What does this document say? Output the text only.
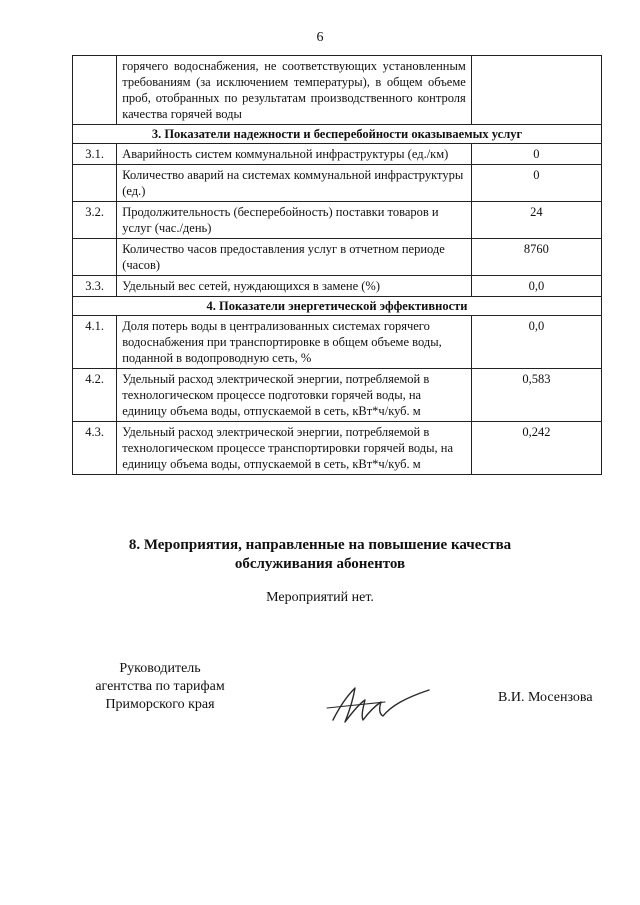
6
	горячего водоснабжения, не соответствующих установленным требованиям (за исключением температуры), в общем объеме проб, отобранных по результатам производственного контроля качества горячей воды	
3. Показатели надежности и бесперебойности оказываемых услуг		
3.1.	Аварийность систем коммунальной инфраструктуры (ед./км)	0
	Количество аварий на системах коммунальной инфраструктуры (ед.)	0
3.2.	Продолжительность (бесперебойность) поставки товаров и услуг (час./день)	24
	Количество часов предоставления услуг в отчетном периоде (часов)	8760
3.3.	Удельный вес сетей, нуждающихся в замене (%)	0,0
4. Показатели энергетической эффективности		
4.1.	Доля потерь воды в централизованных системах горячего водоснабжения при транспортировке в общем объеме воды, поданной в водопроводную сеть, %	0,0
4.2.	Удельный расход электрической энергии, потребляемой в технологическом процессе подготовки горячей воды, на единицу объема воды, отпускаемой в сеть, кВт*ч/куб. м	0,583
4.3.	Удельный расход электрической энергии, потребляемой в технологическом процессе транспортировки горячей воды, на единицу объема воды, отпускаемой в сеть, кВт*ч/куб. м	0,242
8. Мероприятия, направленные на повышение качества
обслуживания абонентов
Мероприятий нет.
Руководитель
агентства по тарифам
Приморского края	В.И. Мосензова
